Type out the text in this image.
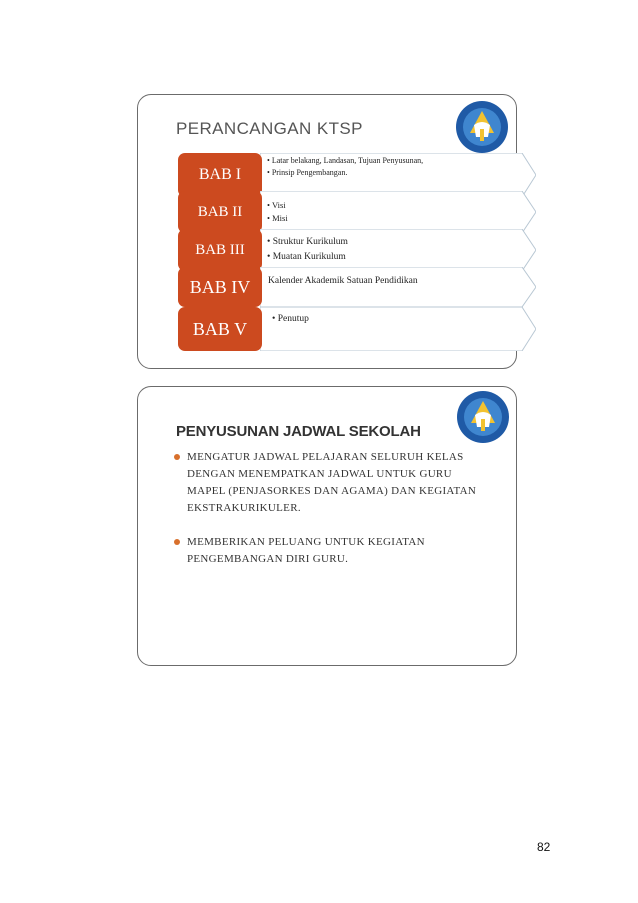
PERANCANGAN KTSP
BAB I
• Latar belakang, Landasan, Tujuan Penyusunan,
• Prinsip Pengembangan.
BAB II	• Visi
• Misi
BAB III	• Struktur Kurikulum
• Muatan Kurikulum
BAB IV	Kalender Akademik Satuan Pendidikan
BAB V	• Penutup
PENYUSUNAN JADWAL SEKOLAH
MENGATUR JADWAL PELAJARAN SELURUH KELAS
DENGAN MENEMPATKAN JADWAL UNTUK GURU
MAPEL (PENJASORKES DAN AGAMA) DAN KEGIATAN
EKSTRAKURIKULER.
MEMBERIKAN PELUANG UNTUK KEGIATAN
PENGEMBANGAN DIRI GURU.
82
